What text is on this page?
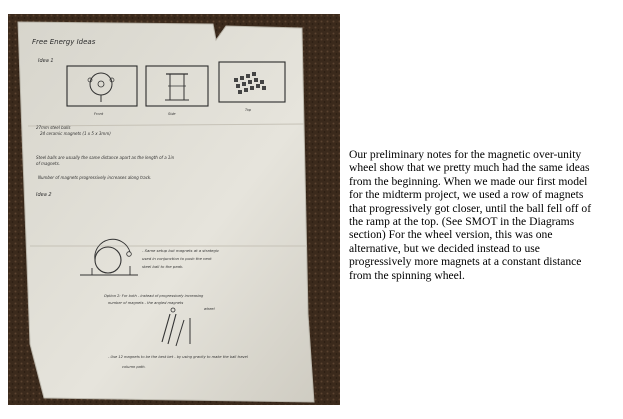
Free Energy Ideas
Idea 1
Front	Side
Top
27mm steel balls
24 ceramic magnets (1 x 5 x 3mm)
Steel balls are usually the same distance apart as the length of a 1in
of magnets.
Number of magnets progressively increases along track.
Idea 2
- Same setup but magnets at a strategic
used in conjunction to push the next
steel ball to the peak.
Option 2: For both - instead of progressively increasing
number of magnets - the angled magnets
wheel
- Use 12 magnets to be the best bet - by using gravity to make the ball travel
column path.

Our preliminary notes for the magnetic over-unity wheel show that we pretty much had the same ideas from the beginning. When we made our first model for the midterm project, we used a row of magnets that progressively got closer, until the ball fell off of the ramp at the top. (See SMOT in the Diagrams section) For the wheel version, this was one alternative, but we decided instead to use progressively more magnets at a constant distance from the spinning wheel.
